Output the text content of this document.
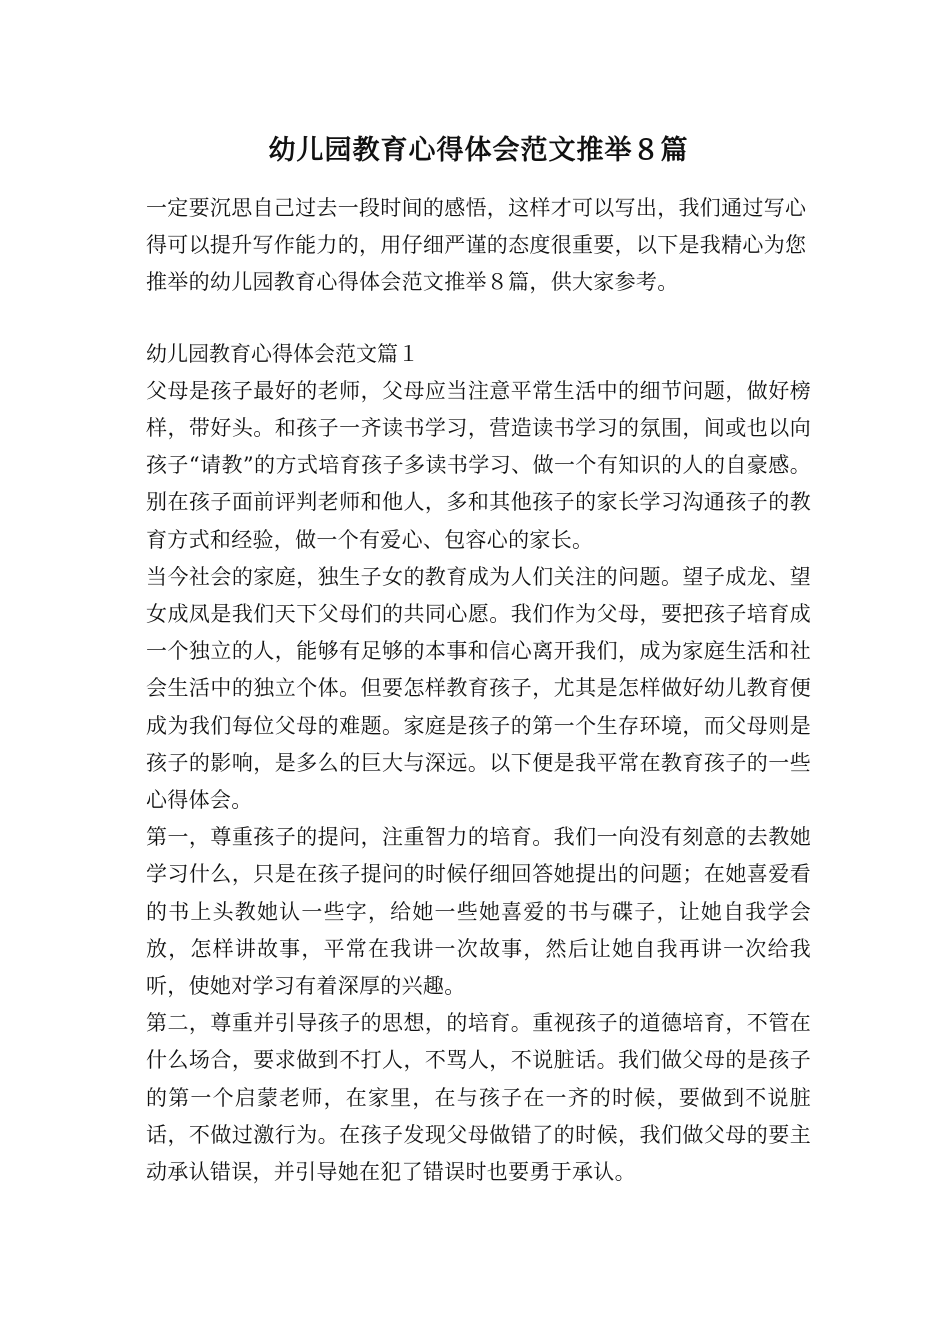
幼儿园教育心得体会范文推举８篇

一定要沉思自己过去一段时间的感悟，这样才可以写出，我们通过写心得可以提升写作能力的，用仔细严谨的态度很重要，以下是我精心为您推举的幼儿园教育心得体会范文推举８篇，供大家参考。

幼儿园教育心得体会范文篇１

父母是孩子最好的老师，父母应当注意平常生活中的细节问题，做好榜样，带好头。和孩子一齐读书学习，营造读书学习的氛围，间或也以向孩子“请教”的方式培育孩子多读书学习、做一个有知识的人的自豪感。别在孩子面前评判老师和他人，多和其他孩子的家长学习沟通孩子的教育方式和经验，做一个有爱心、包容心的家长。

当今社会的家庭，独生子女的教育成为人们关注的问题。望子成龙、望女成凤是我们天下父母们的共同心愿。我们作为父母，要把孩子培育成一个独立的人，能够有足够的本事和信心离开我们，成为家庭生活和社会生活中的独立个体。但要怎样教育孩子，尤其是怎样做好幼儿教育便成为我们每位父母的难题。家庭是孩子的第一个生存环境，而父母则是孩子的影响，是多么的巨大与深远。以下便是我平常在教育孩子的一些心得体会。

第一，尊重孩子的提问，注重智力的培育。我们一向没有刻意的去教她学习什么，只是在孩子提问的时候仔细回答她提出的问题；在她喜爱看的书上头教她认一些字，给她一些她喜爱的书与碟子，让她自我学会放，怎样讲故事，平常在我讲一次故事，然后让她自我再讲一次给我听，使她对学习有着深厚的兴趣。

第二，尊重并引导孩子的思想，的培育。重视孩子的道德培育，不管在什么场合，要求做到不打人，不骂人，不说脏话。我们做父母的是孩子的第一个启蒙老师，在家里，在与孩子在一齐的时候，要做到不说脏话，不做过激行为。在孩子发现父母做错了的时候，我们做父母的要主动承认错误，并引导她在犯了错误时也要勇于承认。
